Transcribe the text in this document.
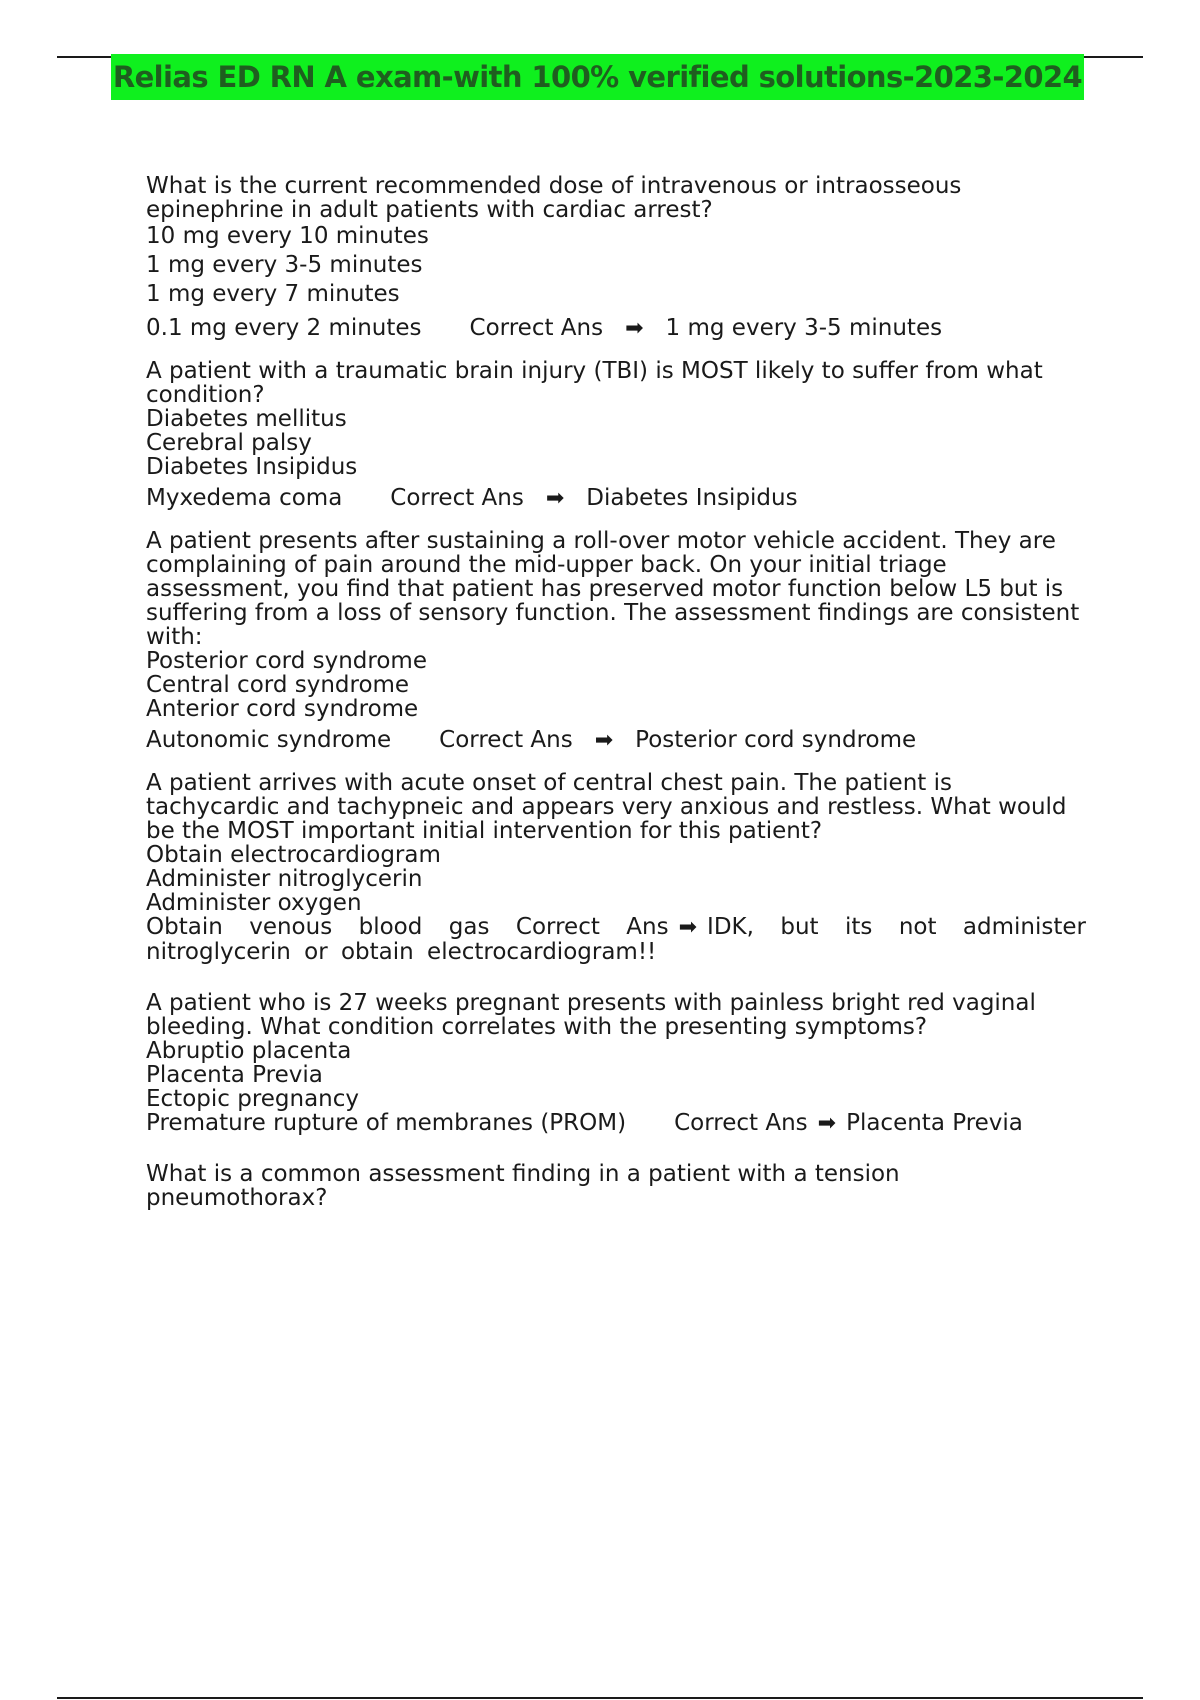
Relias ED RN A exam-with 100% verified solutions-2023-2024

What is the current recommended dose of intravenous or intraosseous epinephrine in adult patients with cardiac arrest?

10 mg every 10 minutes

1 mg every 3-5 minutes

1 mg every 7 minutes

0.1 mg every 2 minutes Correct Ans ➡ 1 mg every 3-5 minutes

A patient with a traumatic brain injury (TBI) is MOST likely to suffer from what condition?

Diabetes mellitus

Cerebral palsy

Diabetes Insipidus

Myxedema coma Correct Ans ➡ Diabetes Insipidus

A patient presents after sustaining a roll-over motor vehicle accident. They are complaining of pain around the mid-upper back. On your initial triage assessment, you find that patient has preserved motor function below L5 but is suffering from a loss of sensory function. The assessment findings are consistent with:

Posterior cord syndrome

Central cord syndrome

Anterior cord syndrome

Autonomic syndrome Correct Ans ➡ Posterior cord syndrome

A patient arrives with acute onset of central chest pain. The patient is tachycardic and tachypneic and appears very anxious and restless. What would be the MOST important initial intervention for this patient?

Obtain electrocardiogram

Administer nitroglycerin

Administer oxygen

Obtain venous blood gas Correct Ans ➡ IDK, but its not administer nitroglycerin or obtain electrocardiogram!!

A patient who is 27 weeks pregnant presents with painless bright red vaginal bleeding. What condition correlates with the presenting symptoms?

Abruptio placenta

Placenta Previa

Ectopic pregnancy

Premature rupture of membranes (PROM) Correct Ans ➡ Placenta Previa

What is a common assessment finding in a patient with a tension pneumothorax?
